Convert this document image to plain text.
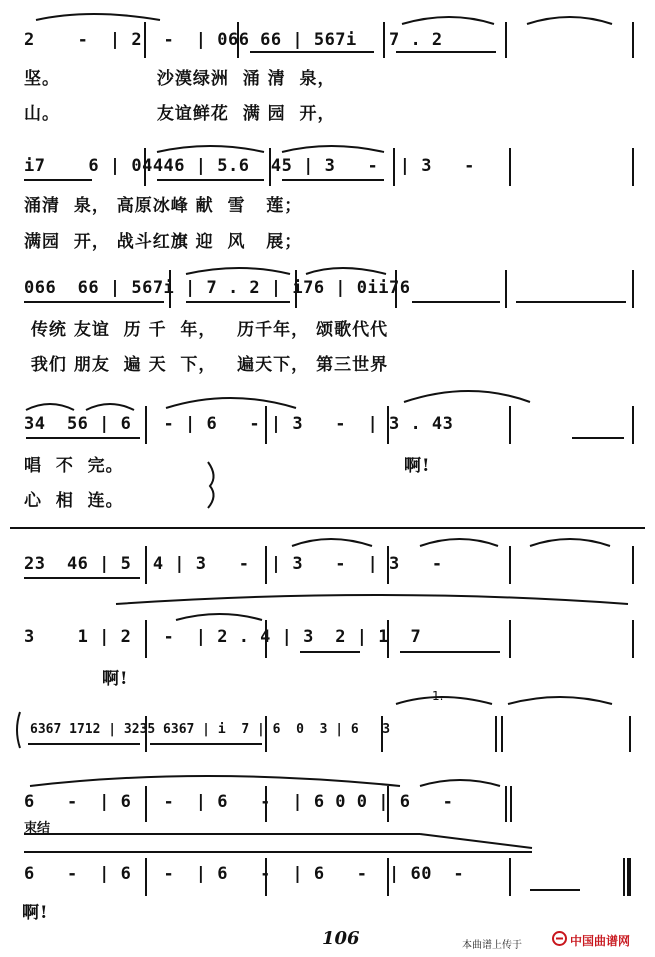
2    -  | 2  -  | 066 66 | 567i   7 . 2
i7    6 | 04446 | 5.6  45 | 3   -  | 3   -
066  66 | 567i | 7 . 2 | i76 | 0ii76
34  56 | 6   - | 6   - | 3   -  | 3 . 43
23  46 | 5  4 | 3   -  | 3   -  | 3   -
3    1 | 2   -  | 2 . 4 | 3  2 | 1  7
6367 1712 | 3235 6367 | i  7 | 6  0  3 | 6   3
6   -  | 6   -  | 6   -  | 6 0 0 | 6   -
6   -  | 6   -  | 6   -  | 6   -  | 60  -
坚。              沙漠绿洲  涌 清  泉，
山。              友谊鲜花  满 园  开，
涌清  泉， 高原冰峰 献  雪   莲；
满园  开， 战斗红旗 迎  风   展；
传统 友谊  历 千  年，   历千年， 颂歌代代
我们 朋友  遍 天  下，   遍天下， 第三世界
唱  不  完。
心  相  连。
啊!
啊!
啊!
束结
1.
106	本曲谱上传于	中国曲谱网
